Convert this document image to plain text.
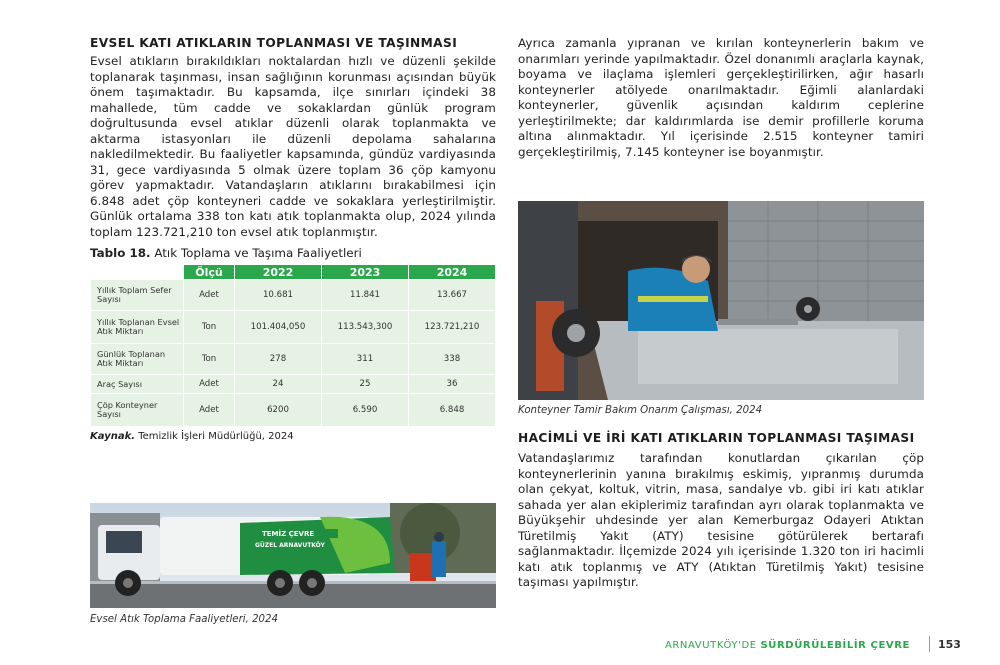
EVSEL KATI ATIKLARIN TOPLANMASI VE TAŞINMASI

Evsel atıkların bırakıldıkları noktalardan hızlı ve düzenli şekilde toplanarak taşınması, insan sağlığının korunması açısından büyük önem taşımaktadır. Bu kapsamda, ilçe sınırları içindeki 38 mahallede, tüm cadde ve sokaklardan günlük program doğrultusunda evsel atıklar düzenli olarak toplanmakta ve aktarma istasyonları ile düzenli depolama sahalarına nakledilmektedir. Bu faaliyetler kapsamında, gündüz vardiyasında 31, gece vardiyasında 5 olmak üzere toplam 36 çöp kamyonu görev yapmaktadır. Vatandaşların atıklarını bırakabilmesi için 6.848 adet çöp konteyneri cadde ve sokaklara yerleştirilmiştir. Günlük ortalama 338 ton katı atık toplanmakta olup, 2024 yılında toplam 123.721,210 ton evsel atık toplanmıştır.

Tablo 18. Atık Toplama ve Taşıma Faaliyetleri
	Ölçü	2022	2023	2024
Yıllık Toplam Sefer Sayısı	Adet	10.681	11.841	13.667
Yıllık Toplanan Evsel Atık Miktarı	Ton	101.404,050	113.543,300	123.721,210
Günlük Toplanan Atık Miktarı	Ton	278	311	338
Araç Sayısı	Adet	24	25	36
Çöp Konteyner Sayısı	Adet	6200	6.590	6.848
Kaynak. Temizlik İşleri Müdürlüğü, 2024
TEMİZ ÇEVRE
GÜZEL ARNAVUTKÖY
Evsel Atık Toplama Faaliyetleri, 2024

Ayrıca zamanla yıpranan ve kırılan konteynerlerin bakım ve onarımları yerinde yapılmaktadır. Özel donanımlı araçlarla kaynak, boyama ve ilaçlama işlemleri gerçekleştirilirken, ağır hasarlı konteynerler atölyede onarılmaktadır. Eğimli alanlardaki konteynerler, güvenlik açısından kaldırım ceplerine yerleştirilmekte; dar kaldırımlarda ise demir profillerle koruma altına alınmaktadır. Yıl içerisinde 2.515 konteyner tamiri gerçekleştirilmiş, 7.145 konteyner ise boyanmıştır.

Konteyner Tamir Bakım Onarım Çalışması, 2024
HACİMLİ VE İRİ KATI ATIKLARIN TOPLANMASI TAŞIMASI

Vatandaşlarımız tarafından konutlardan çıkarılan çöp konteynerlerinin yanına bırakılmış eskimiş, yıpranmış durumda olan çekyat, koltuk, vitrin, masa, sandalye vb. gibi iri katı atıklar sahada yer alan ekiplerimiz tarafından ayrı olarak toplanmakta ve Büyükşehir uhdesinde yer alan Kemerburgaz Odayeri Atıktan Türetilmiş Yakıt (ATY) tesisine götürülerek bertarafı sağlanmaktadır. İlçemizde 2024 yılı içerisinde 1.320 ton iri hacimli katı atık toplanmış ve ATY (Atıktan Türetilmiş Yakıt) tesisine taşıması yapılmıştır.

ARNAVUTKÖY'DE SÜRDÜRÜLEBİLİR ÇEVRE	153
